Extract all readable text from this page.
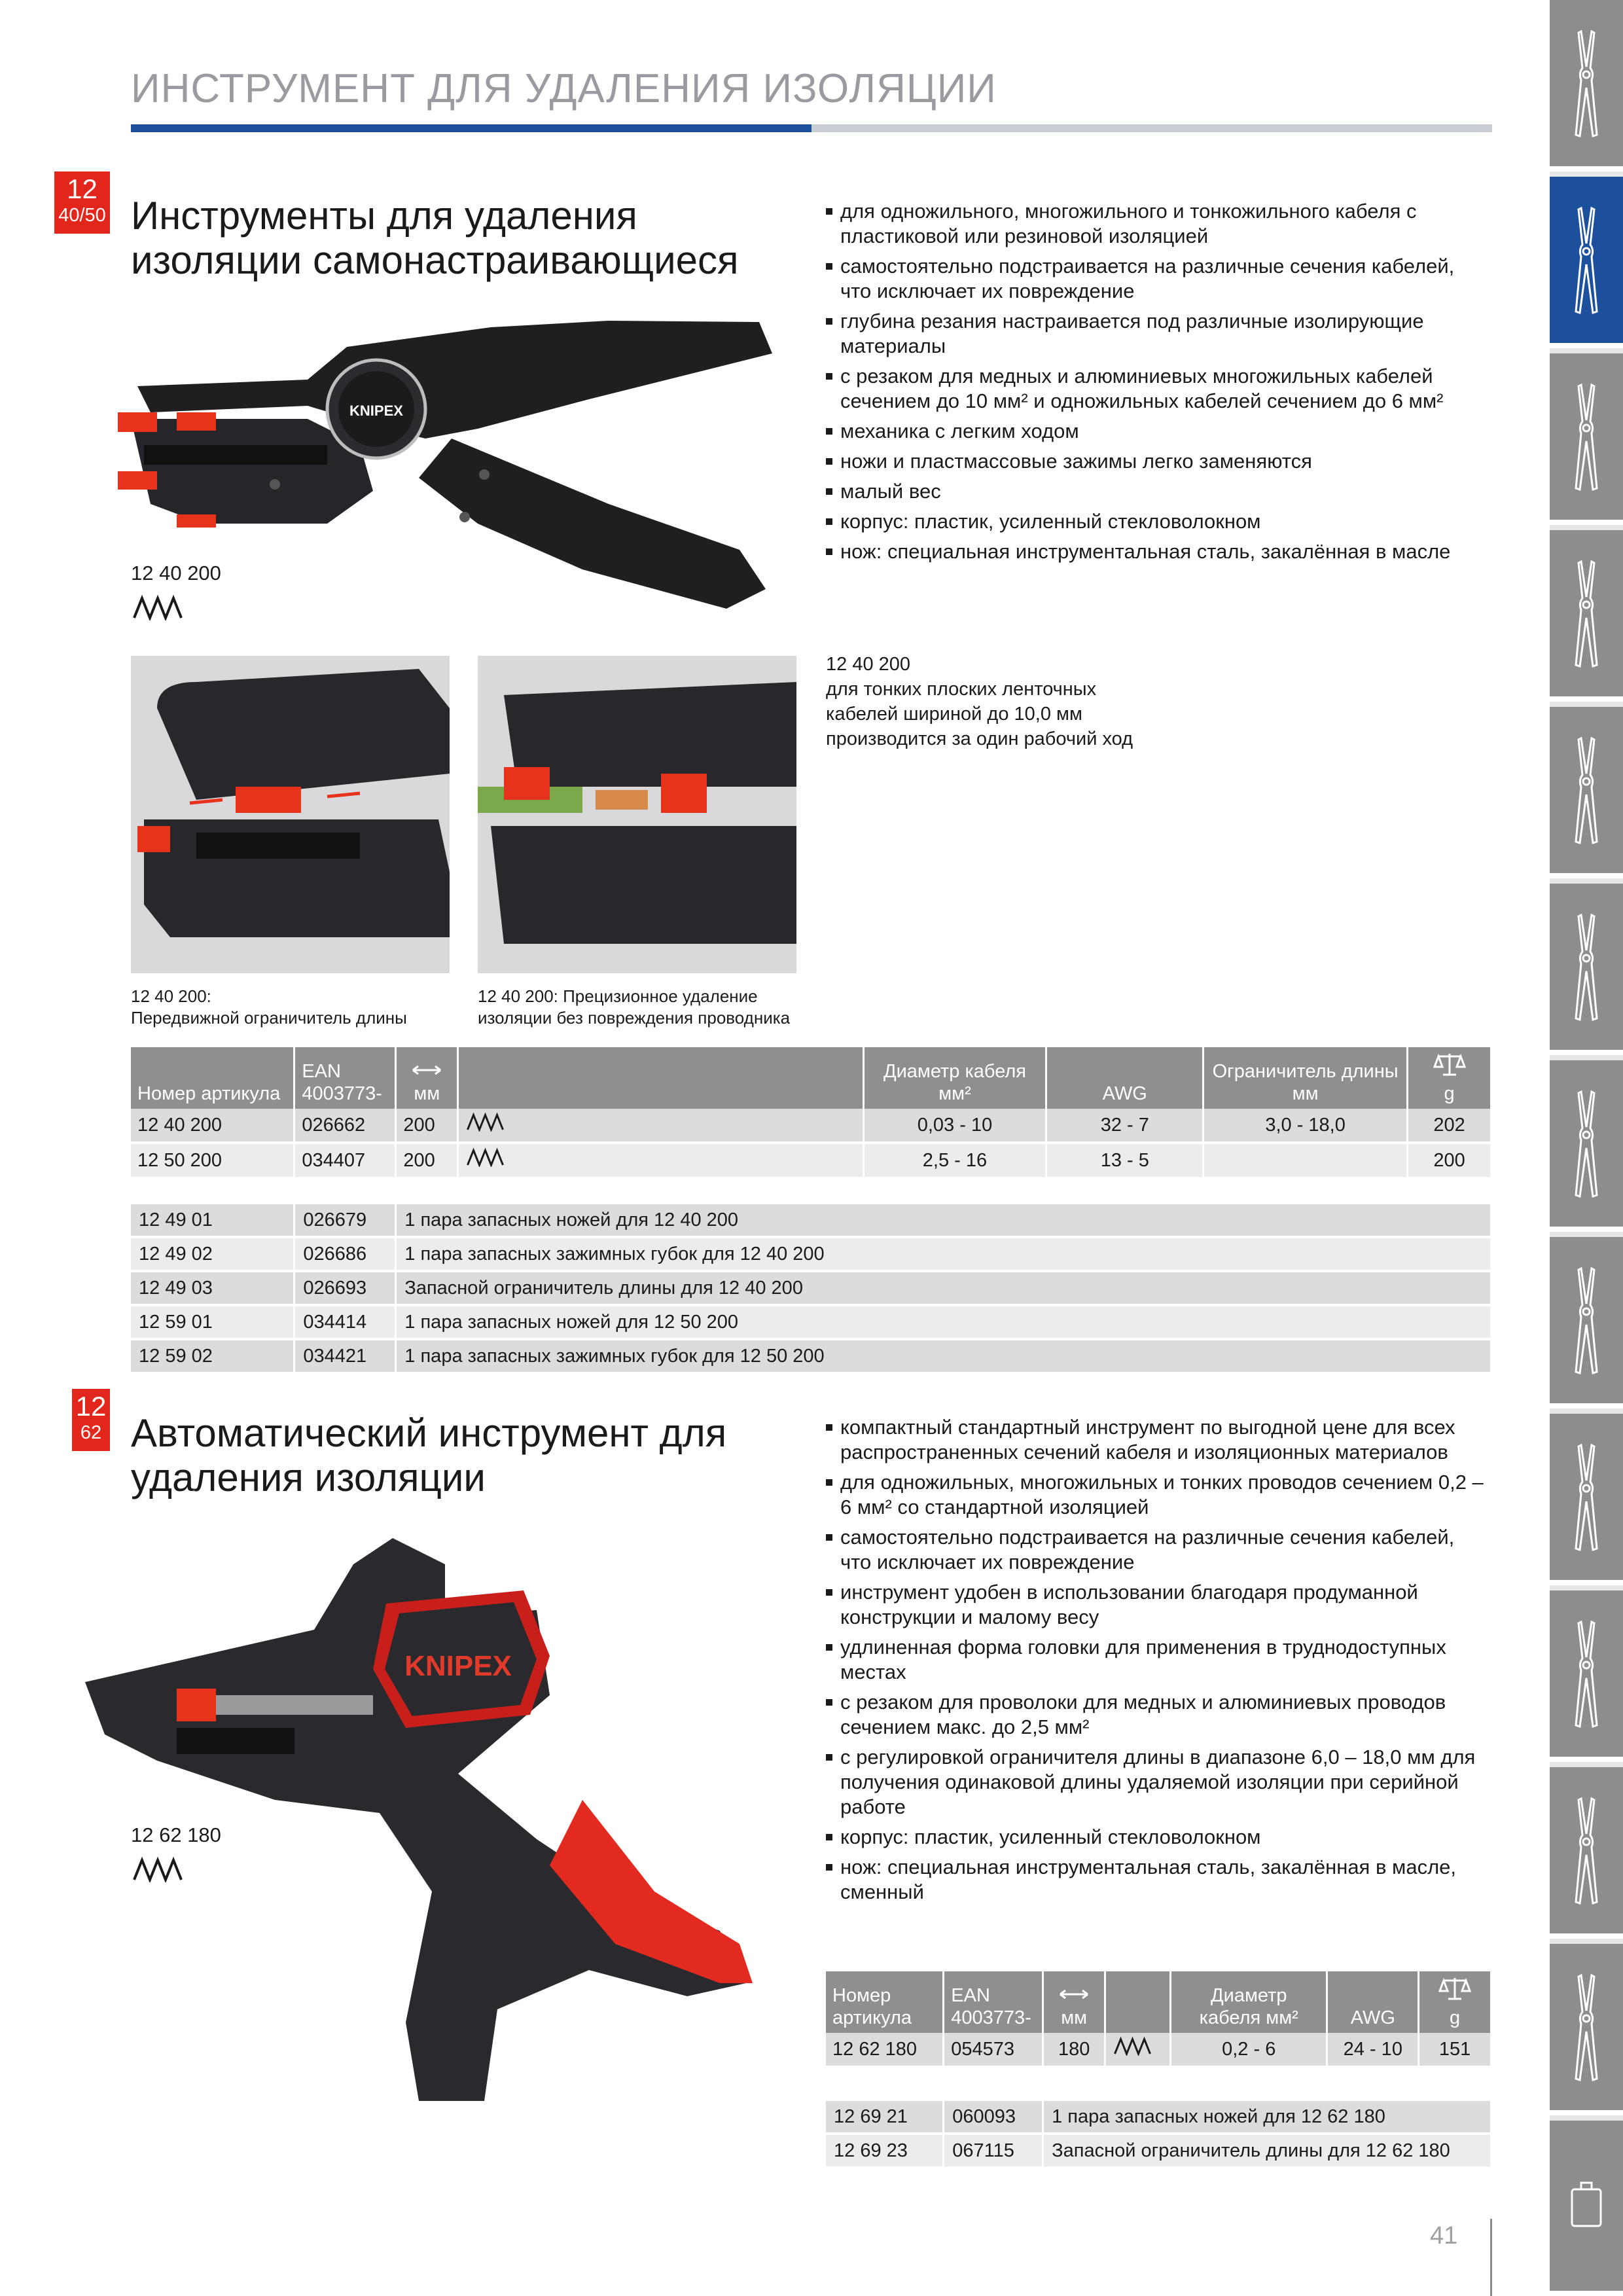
ИНСТРУМЕНТ ДЛЯ УДАЛЕНИЯ ИЗОЛЯЦИИ
12
40/50 Инструменты для удаления
изоляции самонастраивающиеся
KNIPEX
12 40 200
для одножильного, многожильного и тонкожильного кабеля с пластиковой или резиновой изоляцией
самостоятельно подстраивается на различные сечения кабелей, что исключает их повреждение
глубина резания настраивается под различные изолирующие материалы
с резаком для медных и алюминиевых многожильных кабелей сечением до 10 мм² и одножильных кабелей сечением до 6 мм²
механика с легким ходом
ножи и пластмассовые зажимы легко заменяются
малый вес
корпус: пластик, усиленный стекловолокном
нож: специальная инструментальная сталь, закалённая в масле
12 40 200
для тонких плоских ленточных
кабелей шириной до 10,0 мм
производится за один рабочий ход
12 40 200:
Передвижной ограничитель длины
12 40 200: Прецизионное удаление
изоляции без повреждения проводника
Номер артикула	EAN 4003773-	мм		Диаметр кабеля мм²	AWG	Ограничитель длины мм	g

12 40 200	026662	200		0,03 - 10	32 - 7	3,0 - 18,0	202
12 50 200	034407	200		2,5 - 16	13 - 5		200
12 49 01	026679	1 пара запасных ножей для 12 40 200
12 49 02	026686	1 пара запасных зажимных губок для 12 40 200
12 49 03	026693	Запасной ограничитель длины для 12 40 200
12 59 01	034414	1 пара запасных ножей для 12 50 200
12 59 02	034421	1 пара запасных зажимных губок для 12 50 200
12
62 Автоматический инструмент для
удаления изоляции
KNIPEX
12 62 180
компактный стандартный инструмент по выгодной цене для всех распространенных сечений кабеля и изоляционных материалов
для одножильных, многожильных и тонких проводов сечением 0,2 – 6 мм² со стандартной изоляцией
самостоятельно подстраивается на различные сечения кабелей, что исключает их повреждение
инструмент удобен в использовании благодаря продуманной конструкции и малому весу
удлиненная форма головки для применения в труднодоступных местах
с резаком для проволоки для медных и алюминиевых проводов сечением макс. до 2,5 мм²
с регулировкой ограничителя длины в диапазоне 6,0 – 18,0 мм для получения одинаковой длины удаляемой изоляции при серийной работе
корпус: пластик, усиленный стекловолокном
нож: специальная инструментальная сталь, закалённая в масле, сменный
Номер артикула	EAN 4003773-	мм		Диаметр кабеля мм²	AWG	g

12 62 180	054573	180		0,2 - 6	24 - 10	151
12 69 21	060093	1 пара запасных ножей для 12 62 180
12 69 23	067115	Запасной ограничитель длины для 12 62 180
41
